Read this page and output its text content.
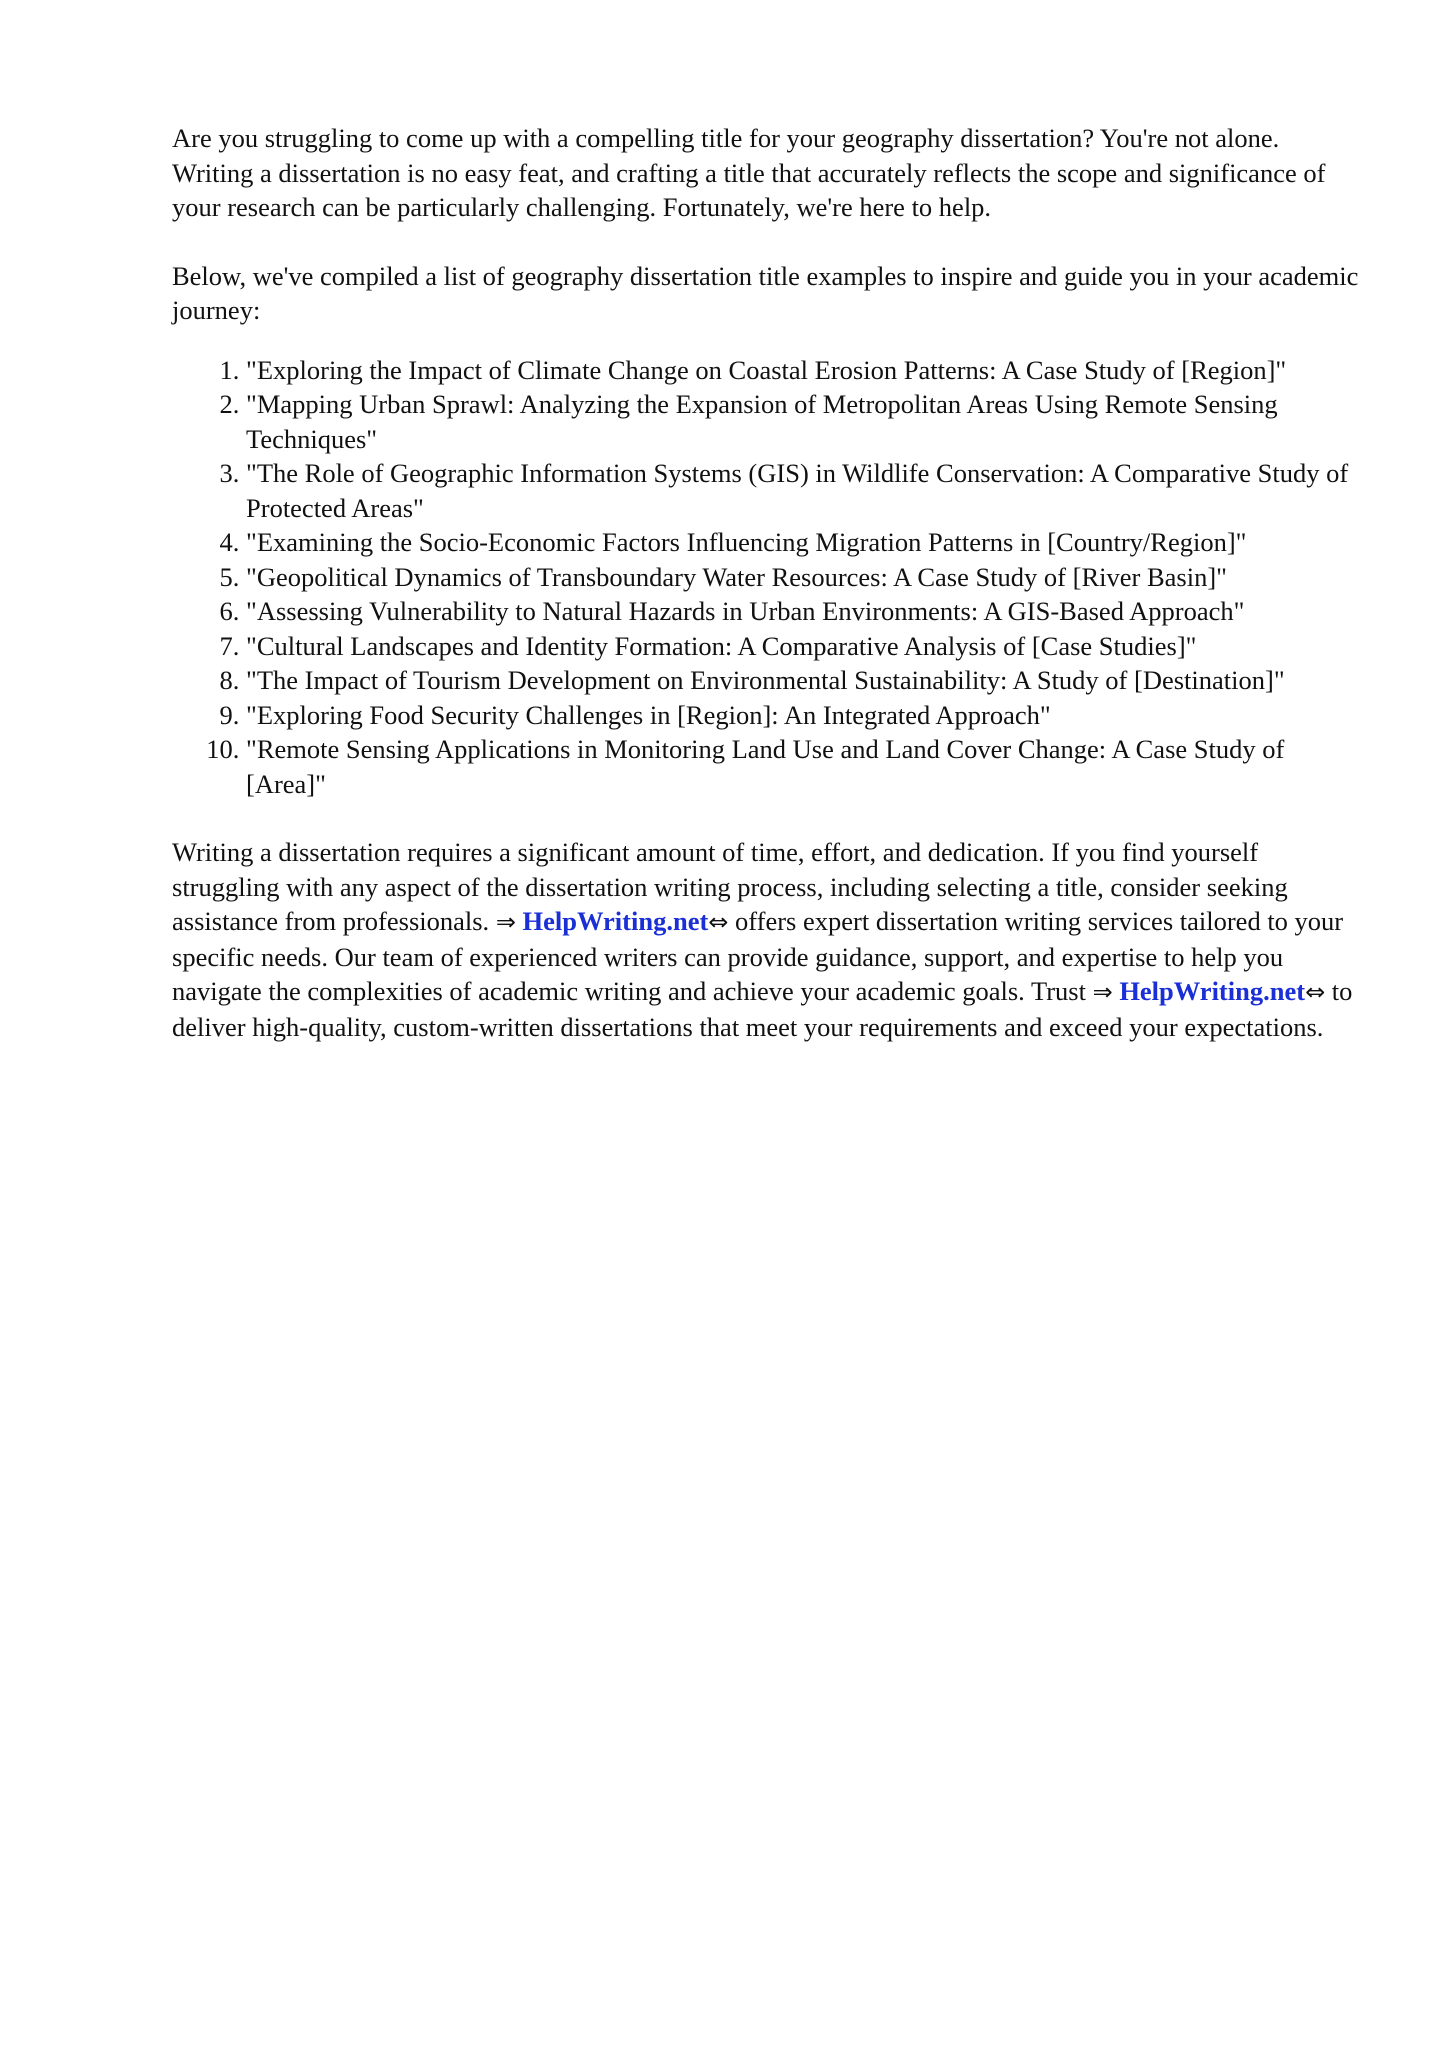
Are you struggling to come up with a compelling title for your geography dissertation? You're not alone. Writing a dissertation is no easy feat, and crafting a title that accurately reflects the scope and significance of your research can be particularly challenging. Fortunately, we're here to help.

Below, we've compiled a list of geography dissertation title examples to inspire and guide you in your academic journey:

1. "Exploring the Impact of Climate Change on Coastal Erosion Patterns: A Case Study of [Region]"
2. "Mapping Urban Sprawl: Analyzing the Expansion of Metropolitan Areas Using Remote Sensing Techniques"
3. "The Role of Geographic Information Systems (GIS) in Wildlife Conservation: A Comparative Study of Protected Areas"
4. "Examining the Socio-Economic Factors Influencing Migration Patterns in [Country/Region]"
5. "Geopolitical Dynamics of Transboundary Water Resources: A Case Study of [River Basin]"
6. "Assessing Vulnerability to Natural Hazards in Urban Environments: A GIS-Based Approach"
7. "Cultural Landscapes and Identity Formation: A Comparative Analysis of [Case Studies]"
8. "The Impact of Tourism Development on Environmental Sustainability: A Study of [Destination]"
9. "Exploring Food Security Challenges in [Region]: An Integrated Approach"
10. "Remote Sensing Applications in Monitoring Land Use and Land Cover Change: A Case Study of [Area]"

Writing a dissertation requires a significant amount of time, effort, and dedication. If you find yourself struggling with any aspect of the dissertation writing process, including selecting a title, consider seeking assistance from professionals. ⇒ HelpWriting.net⇔ offers expert dissertation writing services tailored to your specific needs. Our team of experienced writers can provide guidance, support, and expertise to help you navigate the complexities of academic writing and achieve your academic goals. Trust ⇒ HelpWriting.net⇔ to deliver high-quality, custom-written dissertations that meet your requirements and exceed your expectations.
